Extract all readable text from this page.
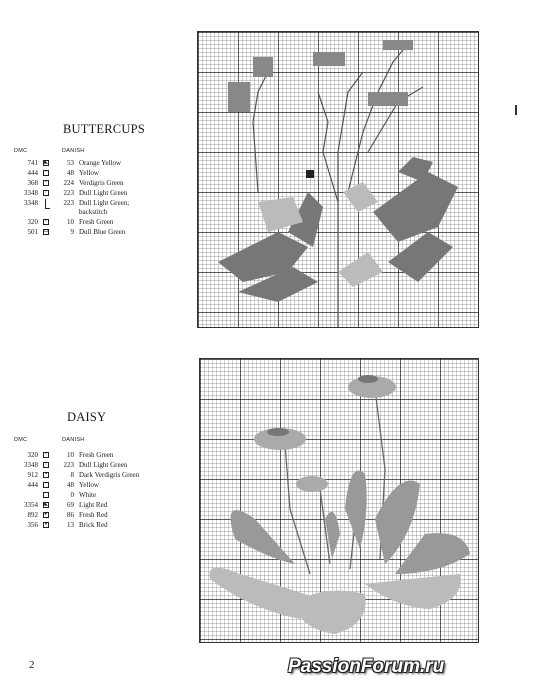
BUTTERCUPS
DMC	DANISH
741 ◣	53 Orange Yellow
444	▫	48 Yellow
368	+	224 Verdigris Green
3348	/	223 Dull Light Green
3348	223 Dull Light Green;
backstitch
320	×	10 Fresh Green
501 ◘	9 Dull Blue Green
DAISY
DMC	DANISH
320	×	10 Fresh Green
3348	/	223 Dull Light Green
912	▪	8 Dark Verdigris Green
444	·	48 Yellow
0 White
3354 ◣	69 Light Red
892	▸	86 Fresh Red
356	▾	13 Brick Red
2	PassionForum.ru
